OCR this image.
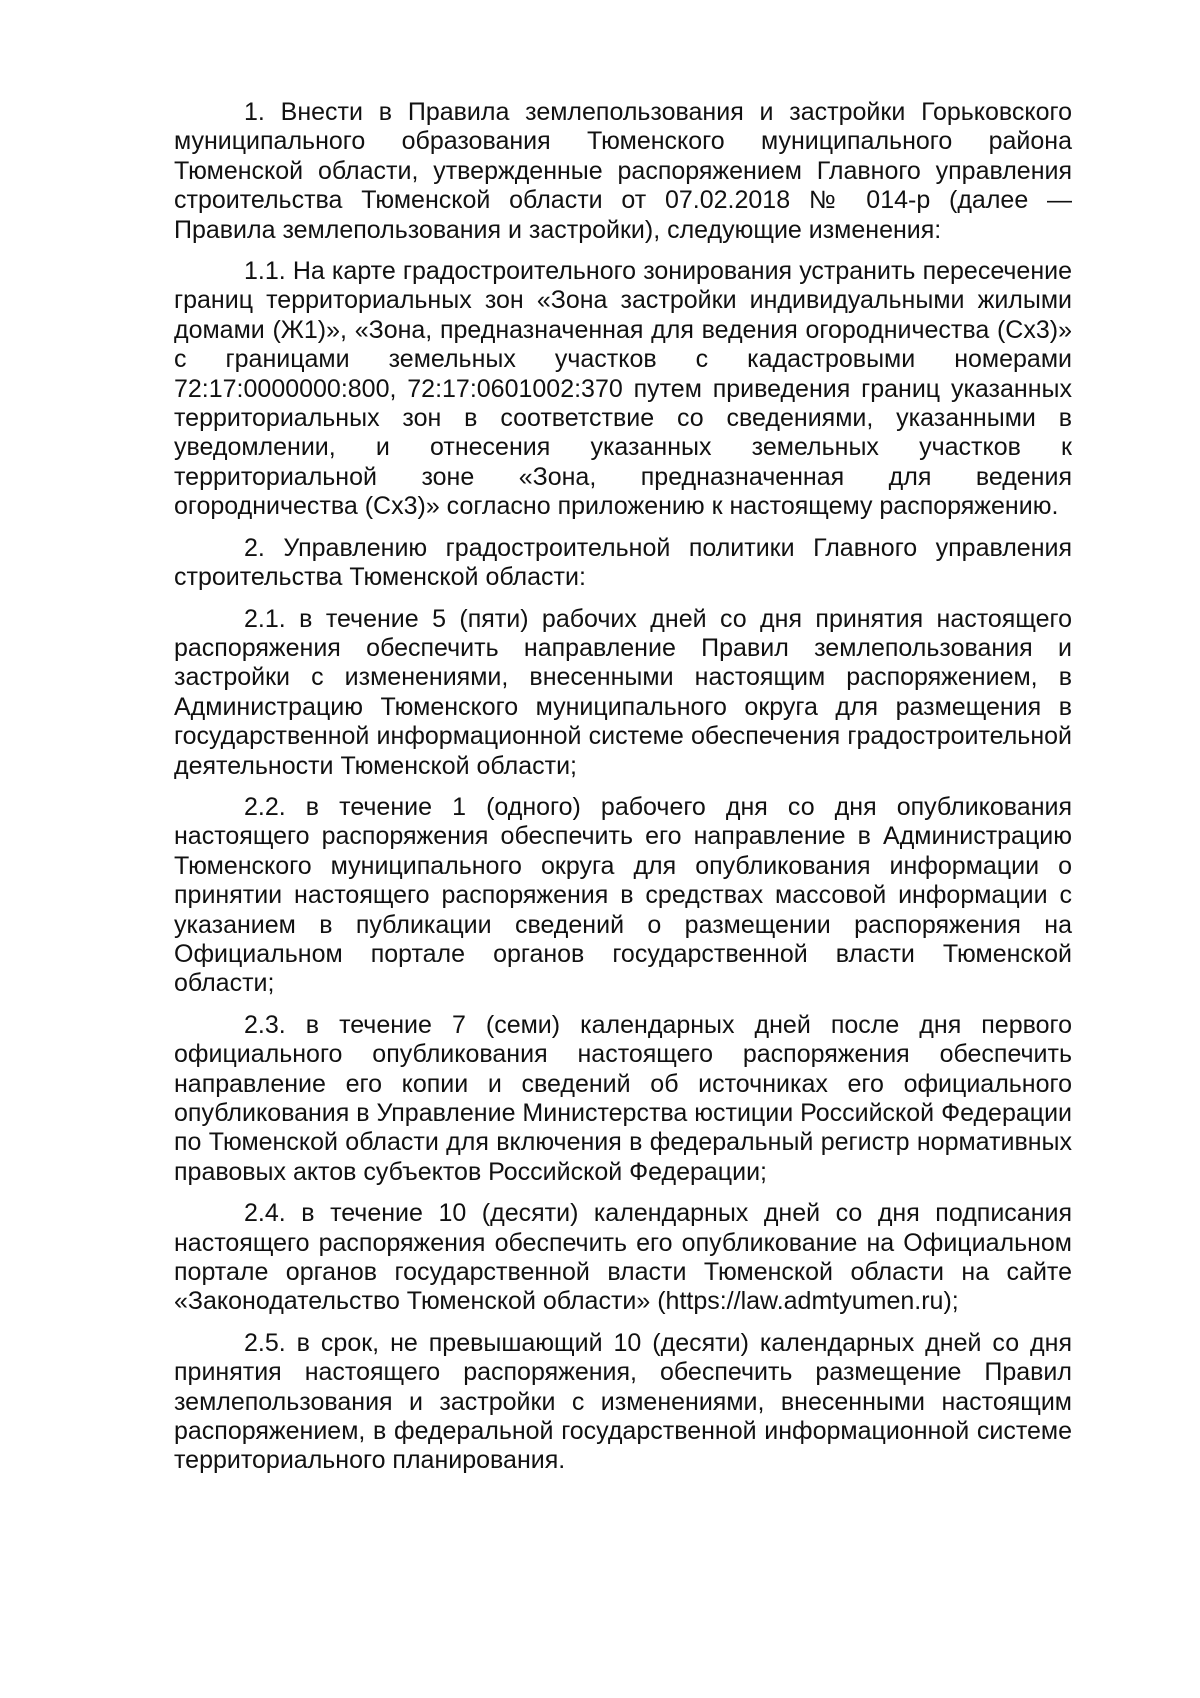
1. Внести в Правила землепользования и застройки Горьковского муниципального образования Тюменского муниципального района Тюменской области, утвержденные распоряжением Главного управления строительства Тюменской области от 07.02.2018 № 014-р (далее — Правила землепользования и застройки), следующие изменения:

1.1. На карте градостроительного зонирования устранить пересечение границ территориальных зон «Зона застройки индивидуальными жилыми домами (Ж1)», «Зона, предназначенная для ведения огородничества (Сх3)» с границами земельных участков с кадастровыми номерами 72:17:0000000:800, 72:17:0601002:370 путем приведения границ указанных территориальных зон в соответствие со сведениями, указанными в уведомлении, и отнесения указанных земельных участков к территориальной зоне «Зона, предназначенная для ведения огородничества (Сх3)» согласно приложению к настоящему распоряжению.

2. Управлению градостроительной политики Главного управления строительства Тюменской области:

2.1. в течение 5 (пяти) рабочих дней со дня принятия настоящего распоряжения обеспечить направление Правил землепользования и застройки с изменениями, внесенными настоящим распоряжением, в Администрацию Тюменского муниципального округа для размещения в государственной информационной системе обеспечения градостроительной деятельности Тюменской области;

2.2. в течение 1 (одного) рабочего дня со дня опубликования настоящего распоряжения обеспечить его направление в Администрацию Тюменского муниципального округа для опубликования информации о принятии настоящего распоряжения в средствах массовой информации с указанием в публикации сведений о размещении распоряжения на Официальном портале органов государственной власти Тюменской области;

2.3. в течение 7 (семи) календарных дней после дня первого официального опубликования настоящего распоряжения обеспечить направление его копии и сведений об источниках его официального опубликования в Управление Министерства юстиции Российской Федерации по Тюменской области для включения в федеральный регистр нормативных правовых актов субъектов Российской Федерации;

2.4. в течение 10 (десяти) календарных дней со дня подписания настоящего распоряжения обеспечить его опубликование на Официальном портале органов государственной власти Тюменской области на сайте «Законодательство Тюменской области» (https://law.admtyumen.ru);

2.5. в срок, не превышающий 10 (десяти) календарных дней со дня принятия настоящего распоряжения, обеспечить размещение Правил землепользования и застройки с изменениями, внесенными настоящим распоряжением, в федеральной государственной информационной системе территориального планирования.
